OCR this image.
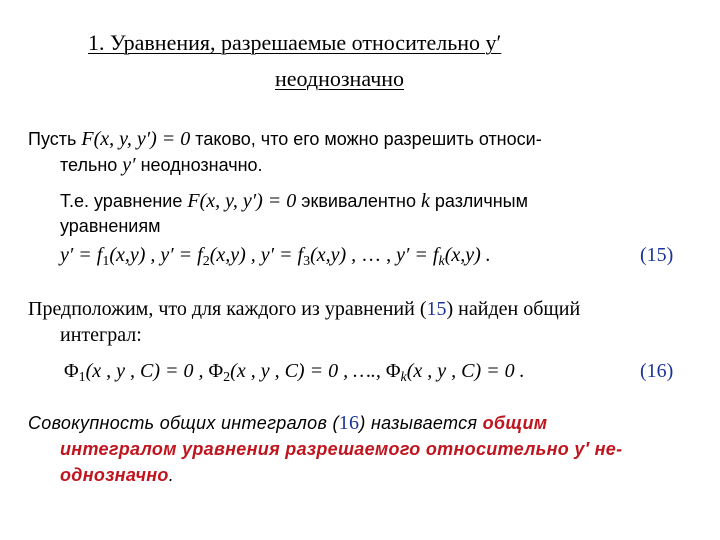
1. Уравнения, разрешаемые относительно y′
неоднозначно
Пусть F(x, y, y′) = 0 таково, что его можно разрешить относи-
тельно y′ неоднозначно.
Т.е. уравнение F(x, y, y′) = 0 эквивалентно k различным
уравнениям
$y' = f_1(x,y)$ , $y' = f_2(x,y)$ , $y' = f_3(x,y)$ , … , $y' = f_k(x,y)$ .	(15)
Предположим, что для каждого из уравнений (15) найден общий
интеграл:
$\Phi_1(x$ , y , C) = 0 , $\Phi_2(x$ , y , C) = 0 , …., $\Phi_k(x$ , y , C) = 0 .	(16)
Совокупность общих интегралов (16) называется общим
интегралом уравнения разрешаемого относительно y′ не-
однозначно.
